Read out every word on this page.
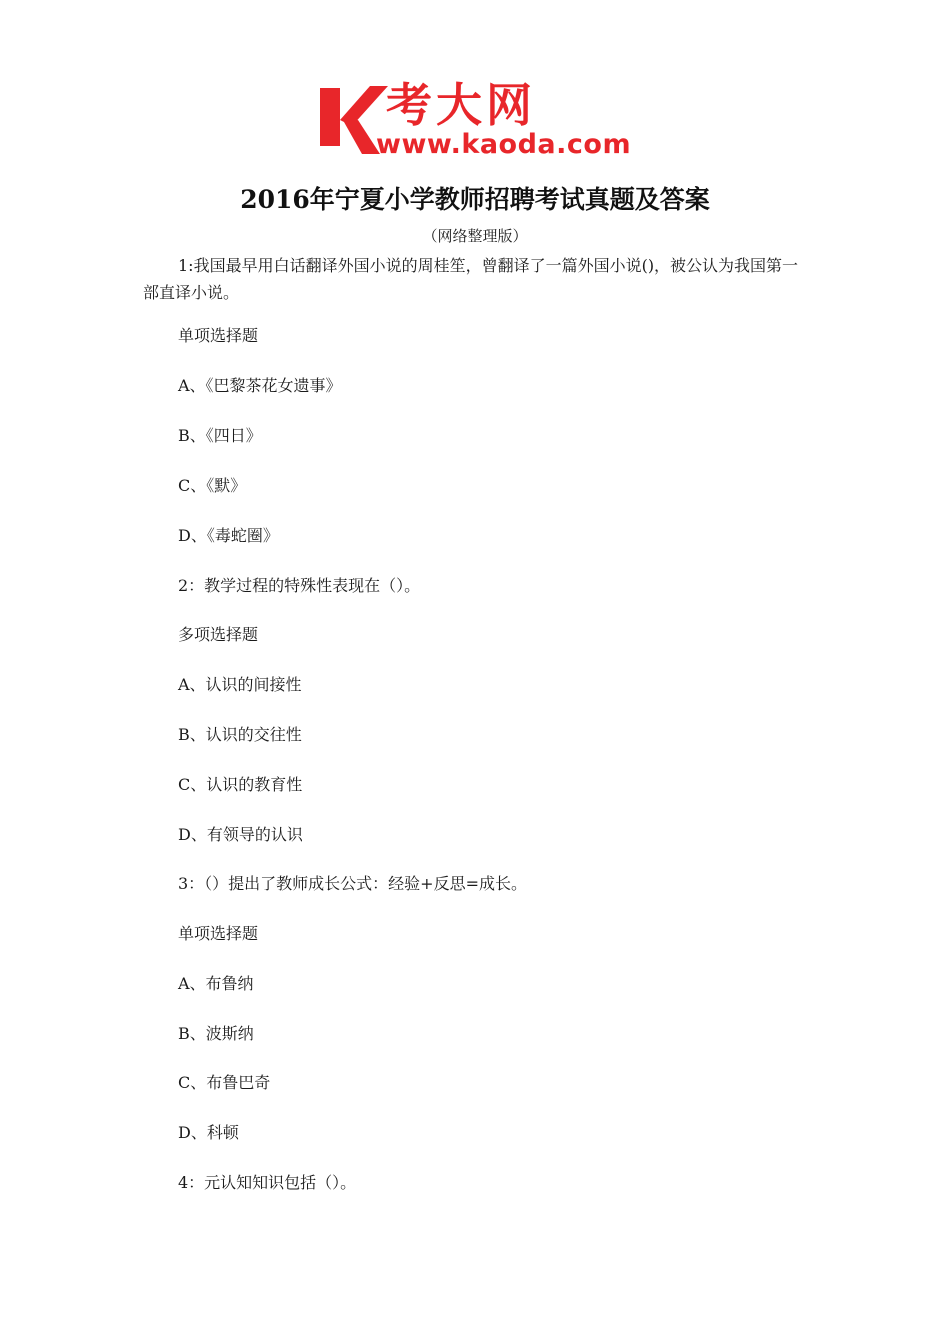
考大网
www.kaoda.com
2016年宁夏小学教师招聘考试真题及答案
（网络整理版）
1:我国最早用白话翻译外国小说的周桂笙，曾翻译了一篇外国小说()，被公认为我国第一部直译小说。
单项选择题
A、《巴黎茶花女遗事》
B、《四日》
C、《默》
D、《毒蛇圈》
2：教学过程的特殊性表现在（）。
多项选择题
A、认识的间接性
B、认识的交往性
C、认识的教育性
D、有领导的认识
3：（）提出了教师成长公式：经验+反思=成长。
单项选择题
A、布鲁纳
B、波斯纳
C、布鲁巴奇
D、科顿
4：元认知知识包括（）。
